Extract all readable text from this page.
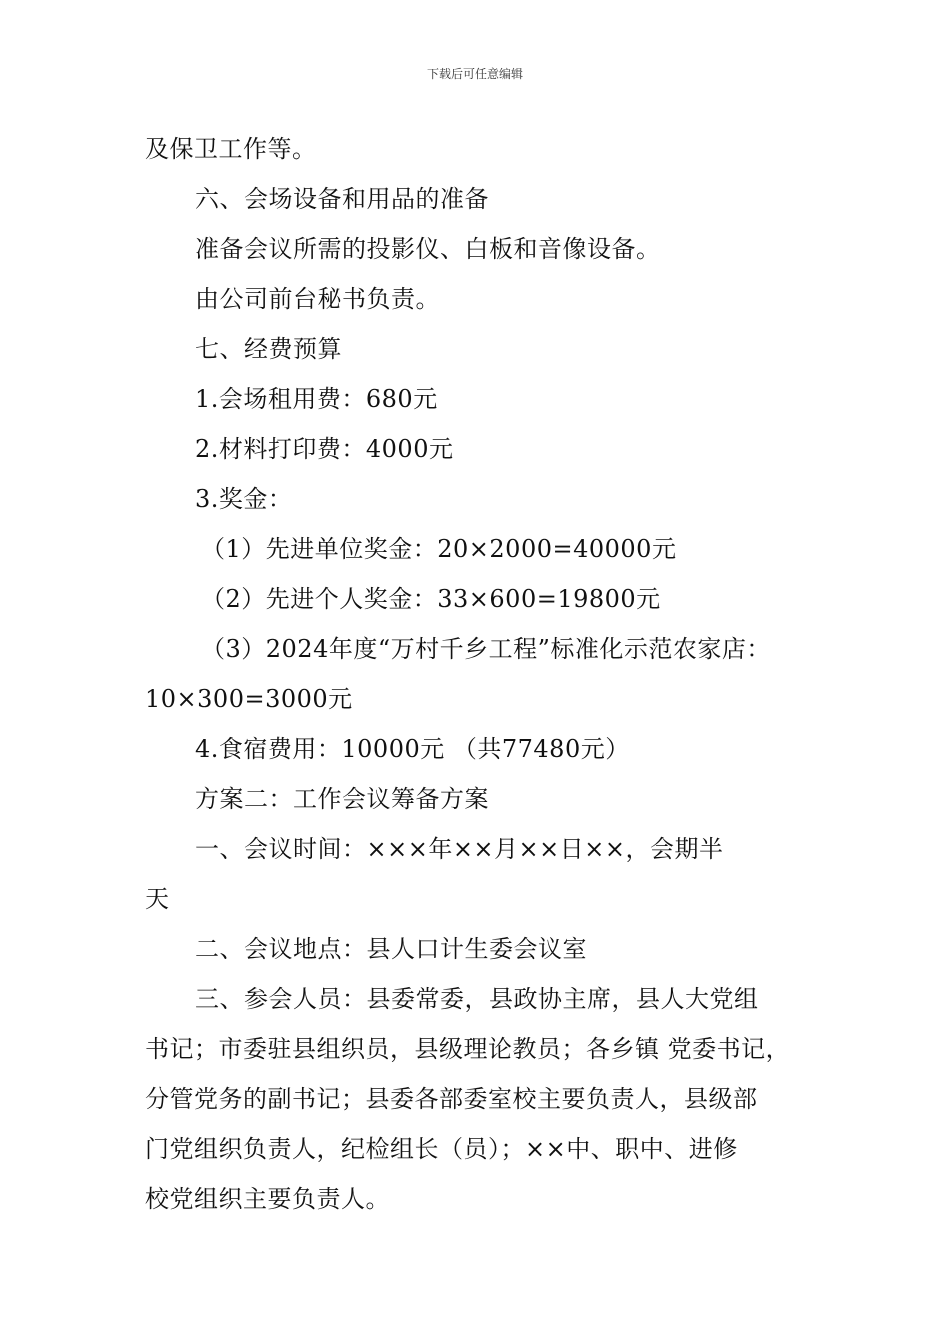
下载后可任意编辑
及保卫工作等。
六、会场设备和用品的准备
准备会议所需的投影仪、白板和音像设备。
由公司前台秘书负责。
七、经费预算
1.会场租用费：680元
2.材料打印费：4000元
3.奖金：
（1）先进单位奖金：20×2000=40000元
（2）先进个人奖金：33×600=19800元
（3）2024年度“万村千乡工程”标准化示范农家店：
10×300=3000元
4.食宿费用：10000元 （共77480元）
方案二：工作会议筹备方案
一、会议时间：×××年××月××日××，会期半
天
二、会议地点：县人口计生委会议室
三、参会人员：县委常委，县政协主席，县人大党组
书记；市委驻县组织员，县级理论教员；各乡镇 党委书记，
分管党务的副书记；县委各部委室校主要负责人，县级部
门党组织负责人，纪检组长（员）；××中、职中、进修
校党组织主要负责人。
